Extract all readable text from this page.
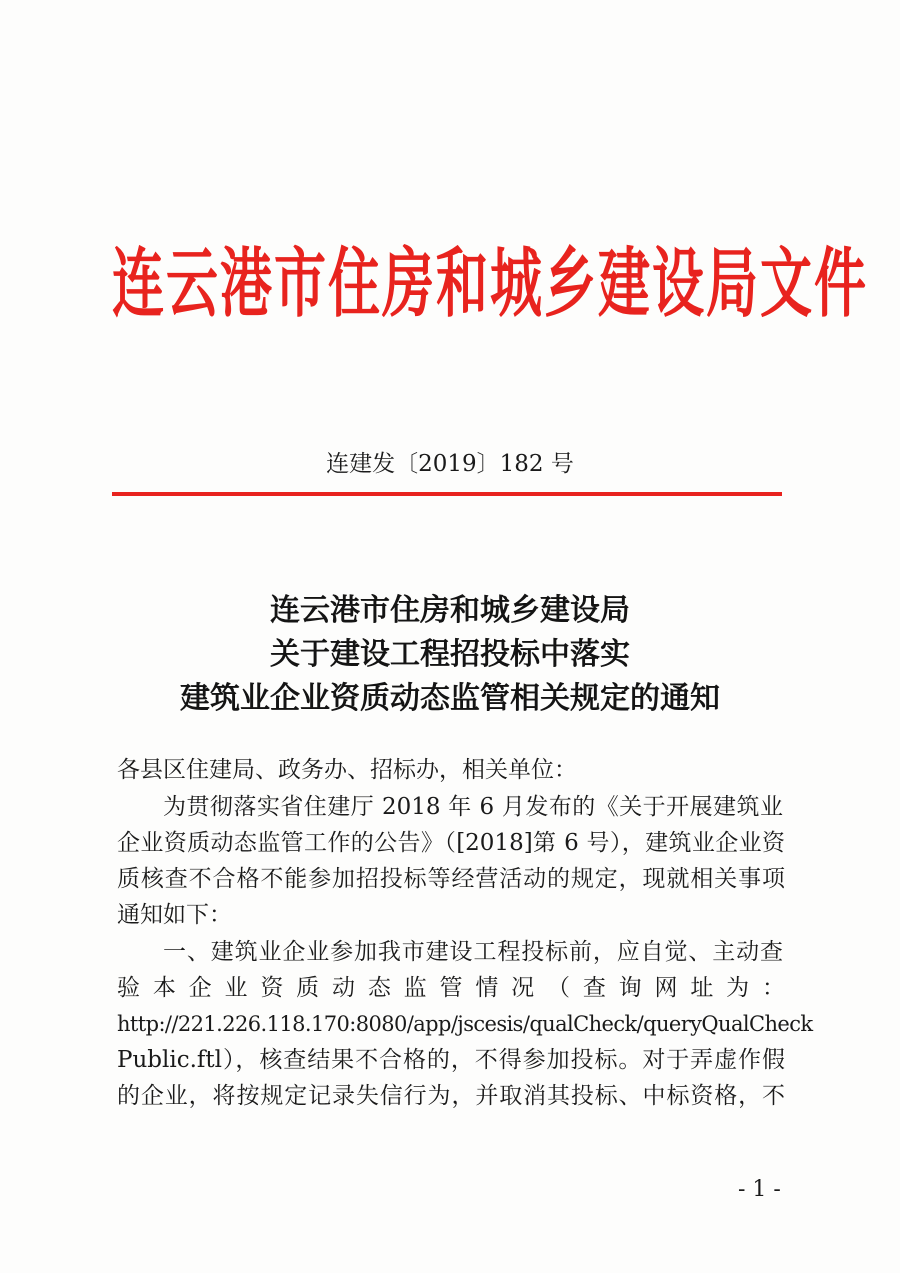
连云港市住房和城乡建设局文件
连建发〔2019〕182 号
连云港市住房和城乡建设局
关于建设工程招投标中落实
建筑业企业资质动态监管相关规定的通知
各县区住建局、政务办、招标办，相关单位：
为贯彻落实省住建厅 2018 年 6 月发布的《关于开展建筑业
企业资质动态监管工作的公告》（[2018]第 6 号），建筑业企业资
质核查不合格不能参加招投标等经营活动的规定，现就相关事项
通知如下：
一、建筑业企业参加我市建设工程投标前，应自觉、主动查
验本企业资质动态监管情况（查询网址为：
http://221.226.118.170:8080/app/jscesis/qualCheck/queryQualCheck
Public.ftl），核查结果不合格的，不得参加投标。对于弄虚作假
的企业，将按规定记录失信行为，并取消其投标、中标资格，不
- 1 -
